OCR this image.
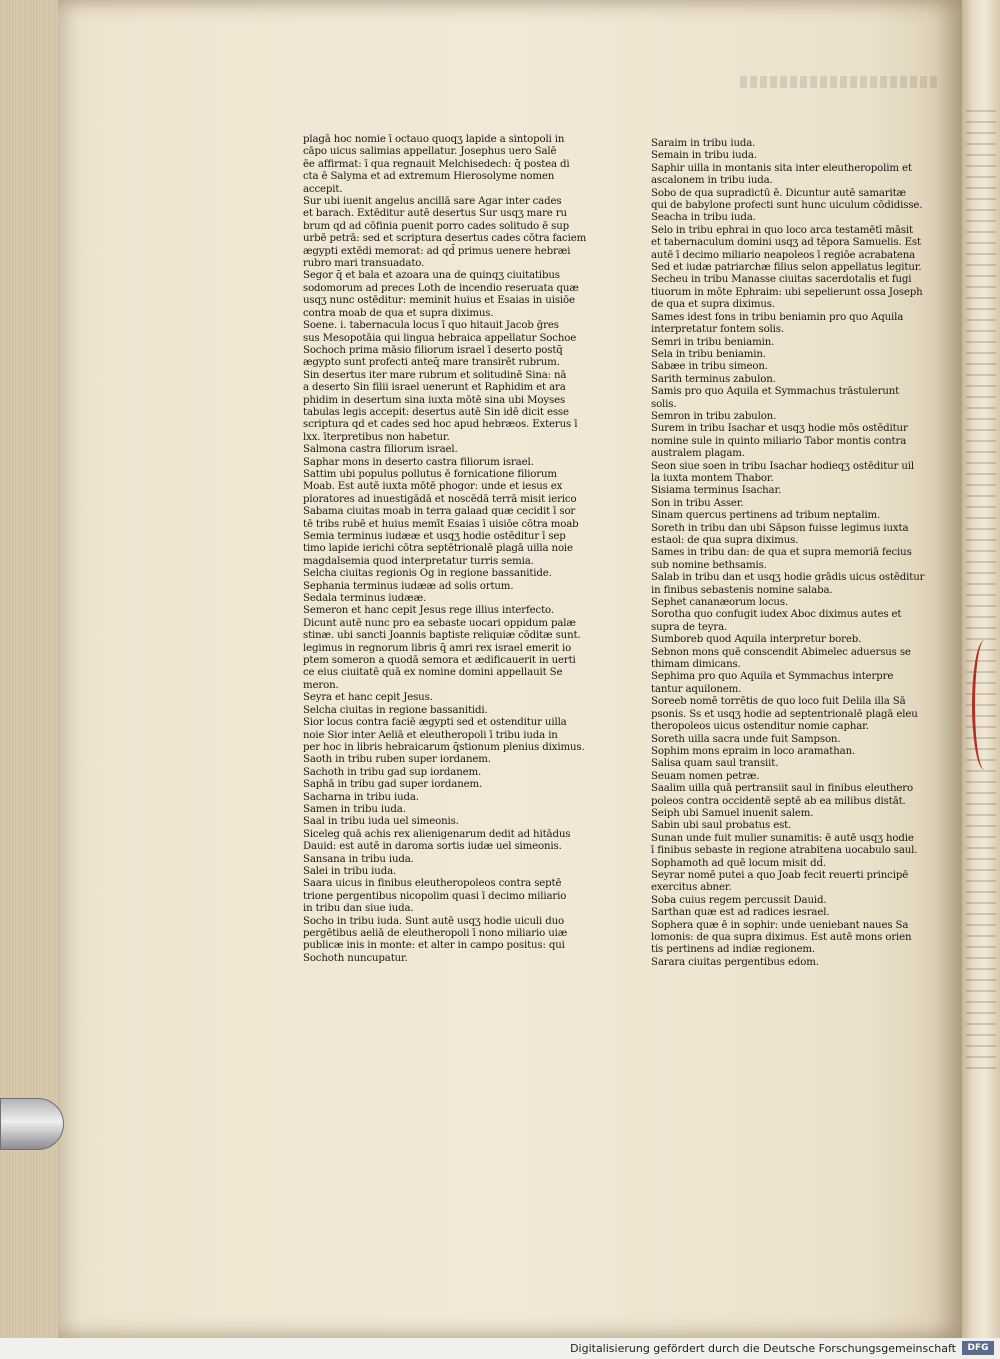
plagā hoc nomie ī octauo quoqʒ lapide a sintopoli in

cāpo uicus salimias appellatur. Josephus uero Salē

ēe affirmat: ī qua regnauit Melchisedech: q̄ postea di

cta ē Salyma et ad extremum Hierosolyme nomen

accepit.

Sur ubi iuenit angelus ancillā sare Agar inter cades

et barach. Extēditur autē desertus Sur usqʒ mare ru

brum qd ad cōfinia puenit porro cades solitudo ē sup

urbē petrā: sed et scriptura desertus cades cōtra faciem

ægypti extēdi memorat: ad qd̄ primus uenere hebræi

rubro mari transuadato.

Segor q̄ et bala et azoara una de quinqʒ ciuitatibus

sodomorum ad preces Loth de incendio reseruata quæ

usqʒ nunc ostēditur: meminit huius et Esaias in uisiōe

contra moab de qua et supra diximus.

Soene. i. tabernacula locus ī quo hitauit Jacob ḡres

sus Mesopotāia qui lingua hebraica appellatur Sochoe

Sochoch prima māsio filiorum israel ī deserto postq̄

ægypto sunt profecti anteq̄ mare transirēt rubrum.

Sin desertus iter mare rubrum et solitudinē Sina: nā

a deserto Sin filii israel uenerunt et Raphidim et ara

phidim in desertum sina iuxta mōtē sina ubi Moyses

tabulas legis accepit: desertus autē Sin idē dicit esse

scriptura qd et cades sed hoc apud hebræos. Exterus ī

lxx. īterpretibus non habetur.

Salmona castra filiorum israel.

Saphar mons in deserto castra filiorum israel.

Sattim ubi populus pollutus ē fornicatione filiorum

Moab. Est autē iuxta mōtē phogor: unde et iesus ex

ploratores ad inuestigādā et noscēdā terrā misit ierico

Sabama ciuitas moab in terra galaad quæ cecidit ī sor

tē tribs rubē et huius memīt Esaias ī uisiōe cōtra moab

Semia terminus iudææ et usqʒ hodie ostēditur ī sep

timo lapide ierichi cōtra septētrionalē plagā uilla noie

magdalsemia quod interpretatur turris semia.

Selcha ciuitas regionis Og in regione bassanitide.

Sephania terminus iudææ ad solis ortum.

Sedala terminus iudææ.

Semeron et hanc cepit Jesus rege illius interfecto.

Dicunt autē nunc pro ea sebaste uocari oppidum palæ

stinæ. ubi sancti Joannis baptiste reliquiæ cōditæ sunt.

legimus in regnorum libris q̄ amri rex israel emerit io

ptem someron a quodā semora et ædificauerit in uerti

ce eius ciuitatē quā ex nomine domini appellauit Se

meron.

Seyra et hanc cepit Jesus.

Selcha ciuitas in regione bassanitidi.

Sior locus contra faciē ægypti sed et ostenditur uilla

noie Sior inter Aeliā et eleutheropoli ī tribu iuda in

per hoc in libris hebraicarum q̄stionum plenius diximus.

Saoth in tribu ruben super iordanem.

Sachoth in tribu gad sup iordanem.

Saphā in tribu gad super iordanem.

Sacharna in tribu iuda.

Samen in tribu iuda.

Saal in tribu iuda uel simeonis.

Siceleg quā achis rex alienigenarum dedit ad hitādus

Dauid: est autē in daroma sortis iudæ uel simeonis.

Sansana in tribu iuda.

Salei in tribu iuda.

Saara uicus in finibus eleutheropoleos contra septē

trione pergentibus nicopolim quasi ī decimo miliario

in tribu dan siue iuda.

Socho in tribu iuda. Sunt autē usqʒ hodie uiculi duo

pergētibus aeliā de eleutheropoli ī nono miliario uiæ

publicæ inis in monte: et alter in campo positus: qui

Sochoth nuncupatur.

Saraim in tribu iuda.

Semain in tribu iuda.

Saphir uilla in montanis sita inter eleutheropolim et

ascalonem in tribu iuda.

Sobo de qua supradictū ē. Dicuntur autē samaritæ

qui de babylone profecti sunt hunc uiculum cōdidisse.

Seacha in tribu iuda.

Selo in tribu ephrai in quo loco arca testamētī māsit

et tabernaculum domini usqʒ ad tēpora Samuelis. Est

autē ī decimo miliario neapoleos ī regiōe acrabatena

Sed et iudæ patriarchæ filius selon appellatus legitur.

Secheu in tribu Manasse ciuitas sacerdotalis et fugi

tiuorum in mōte Ephraim: ubi sepelierunt ossa Joseph

de qua et supra diximus.

Sames idest fons in tribu beniamin pro quo Aquila

interpretatur fontem solis.

Semri in tribu beniamin.

Sela in tribu beniamin.

Sabæe in tribu simeon.

Sarith terminus zabulon.

Samis pro quo Aquila et Symmachus trāstulerunt

solis.

Semron in tribu zabulon.

Surem in tribu Isachar et usqʒ hodie mōs ostēditur

nomine sule in quinto miliario Tabor montis contra

australem plagam.

Seon siue soen in tribu Isachar hodieqʒ ostēditur uil

la iuxta montem Thabor.

Sisiama terminus Isachar.

Son in tribu Asser.

Sinam quercus pertinens ad tribum neptalim.

Soreth in tribu dan ubi Sāpson fuisse legimus iuxta

estaol: de qua supra diximus.

Sames in tribu dan: de qua et supra memoriā fecius

sub nomine bethsamis.

Salab in tribu dan et usqʒ hodie grādis uicus ostēditur

in finibus sebastenis nomine salaba.

Sephet cananæorum locus.

Sorotha quo confugit iudex Aboc diximus autes et

supra de teyra.

Sumboreb quod Aquila interpretur boreb.

Sebnon mons quē conscendit Abimelec aduersus se

thimam dimicans.

Sephima pro quo Aquila et Symmachus interpre

tantur aquilonem.

Soreeb nomē torrētis de quo loco fuit Delila illa Sā

psonis. Ss et usqʒ hodie ad septentrionalē plagā eleu

theropoleos uicus ostenditur nomie caphar.

Soreth uilla sacra unde fuit Sampson.

Sophim mons epraim in loco aramathan.

Salisa quam saul transiit.

Seuam nomen petræ.

Saalim uilla quā pertransiit saul in finibus eleuthero

poleos contra occidentē septē ab ea milibus distāt.

Seiph ubi Samuel inuenit salem.

Sabin ubi saul probatus est.

Sunan unde fuit mulier sunamitis: ē autē usqʒ hodie

ī finibus sebaste in regione atrabitena uocabulo saul.

Sophamoth ad quē locum misit dd̄.

Seyrar nomē putei a quo Joab fecit reuerti principē

exercitus abner.

Soba cuius regem percussit Dauid.

Sarthan quæ est ad radices iesrael.

Sophera quæ ē in sophir: unde ueniebant naues Sa

lomonis: de qua supra diximus. Est autē mons orien

tis pertinens ad indiæ regionem.

Sarara ciuitas pergentibus edom.

Digitalisierung gefördert durch die Deutsche Forschungsgemeinschaft	DFG
